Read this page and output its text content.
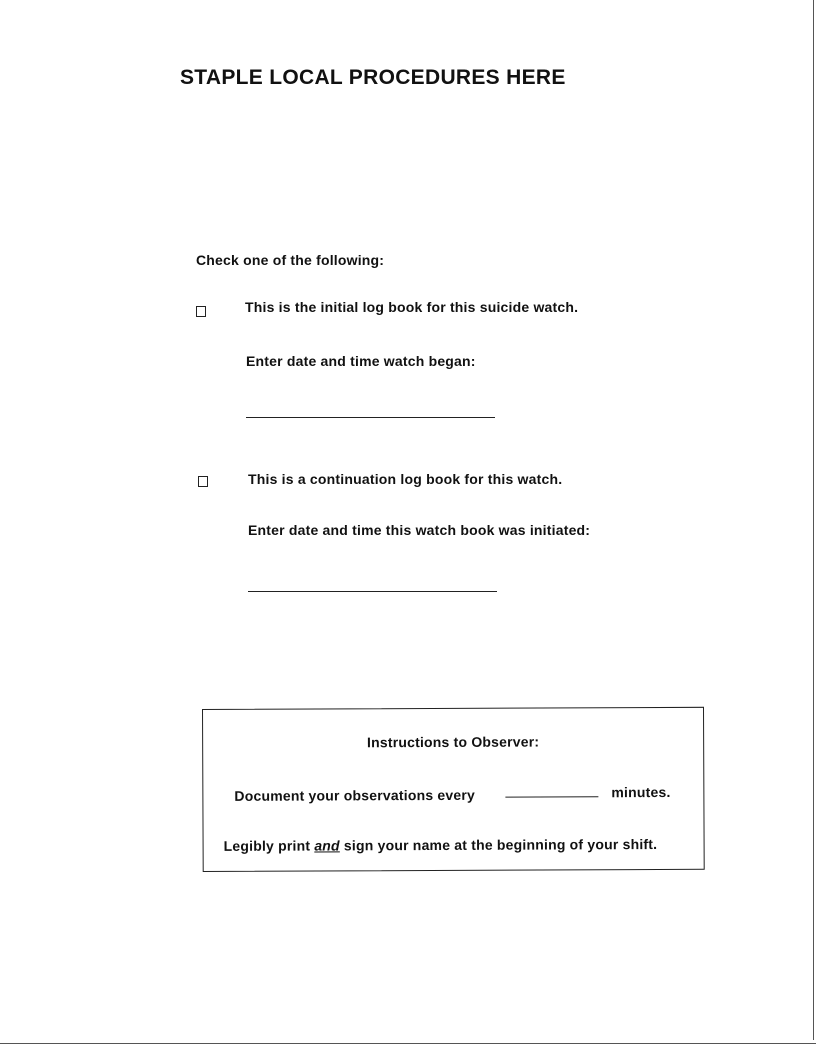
STAPLE LOCAL PROCEDURES HERE
Check one of the following:
This is the initial log book for this suicide watch.
Enter date and time watch began:
This is a continuation log book for this watch.
Enter date and time this watch book was initiated:
Instructions to Observer:
Document your observations every	minutes.
Legibly print and sign your name at the beginning of your shift.
